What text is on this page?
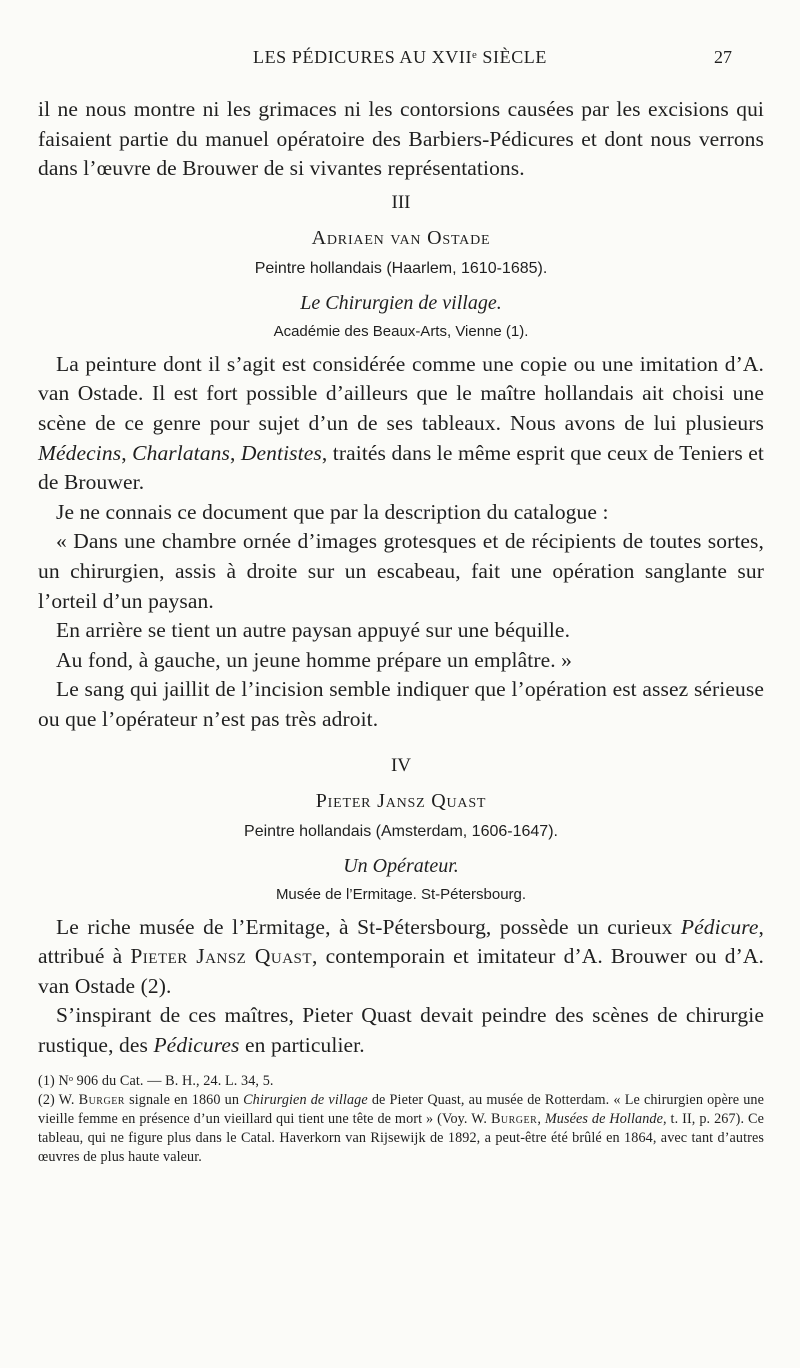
LES PÉDICURES AU XVIIᵉ SIÈCLE	27

il ne nous montre ni les grimaces ni les contorsions causées par les excisions qui faisaient partie du manuel opératoire des Barbiers-Pédicures et dont nous verrons dans l’œuvre de Brouwer de si vivantes représentations.

III
Adriaen van Ostade
Peintre hollandais (Haarlem, 1610-1685).
Le Chirurgien de village.
Académie des Beaux-Arts, Vienne (1).

La peinture dont il s’agit est considérée comme une copie ou une imitation d’A. van Ostade. Il est fort possible d’ailleurs que le maître hollandais ait choisi une scène de ce genre pour sujet d’un de ses tableaux. Nous avons de lui plusieurs Médecins, Charlatans, Dentistes, traités dans le même esprit que ceux de Teniers et de Brouwer.

Je ne connais ce document que par la description du catalogue :

« Dans une chambre ornée d’images grotesques et de récipients de toutes sortes, un chirurgien, assis à droite sur un escabeau, fait une opération sanglante sur l’orteil d’un paysan.

En arrière se tient un autre paysan appuyé sur une béquille.

Au fond, à gauche, un jeune homme prépare un emplâtre. »

Le sang qui jaillit de l’incision semble indiquer que l’opération est assez sérieuse ou que l’opérateur n’est pas très adroit.

IV
Pieter Jansz Quast
Peintre hollandais (Amsterdam, 1606-1647).
Un Opérateur.
Musée de l’Ermitage. St-Pétersbourg.

Le riche musée de l’Ermitage, à St-Pétersbourg, possède un curieux Pédicure, attribué à Pieter Jansz Quast, contemporain et imitateur d’A. Brouwer ou d’A. van Ostade (2).

S’inspirant de ces maîtres, Pieter Quast devait peindre des scènes de chirurgie rustique, des Pédicures en particulier.

(1) Nᵒ 906 du Cat. — B. H., 24. L. 34, 5.

(2) W. Burger signale en 1860 un Chirurgien de village de Pieter Quast, au musée de Rotterdam. « Le chirurgien opère une vieille femme en présence d’un vieillard qui tient une tête de mort » (Voy. W. Burger, Musées de Hollande, t. II, p. 267). Ce tableau, qui ne figure plus dans le Catal. Haverkorn van Rijsewijk de 1892, a peut-être été brûlé en 1864, avec tant d’autres œuvres de plus haute valeur.
